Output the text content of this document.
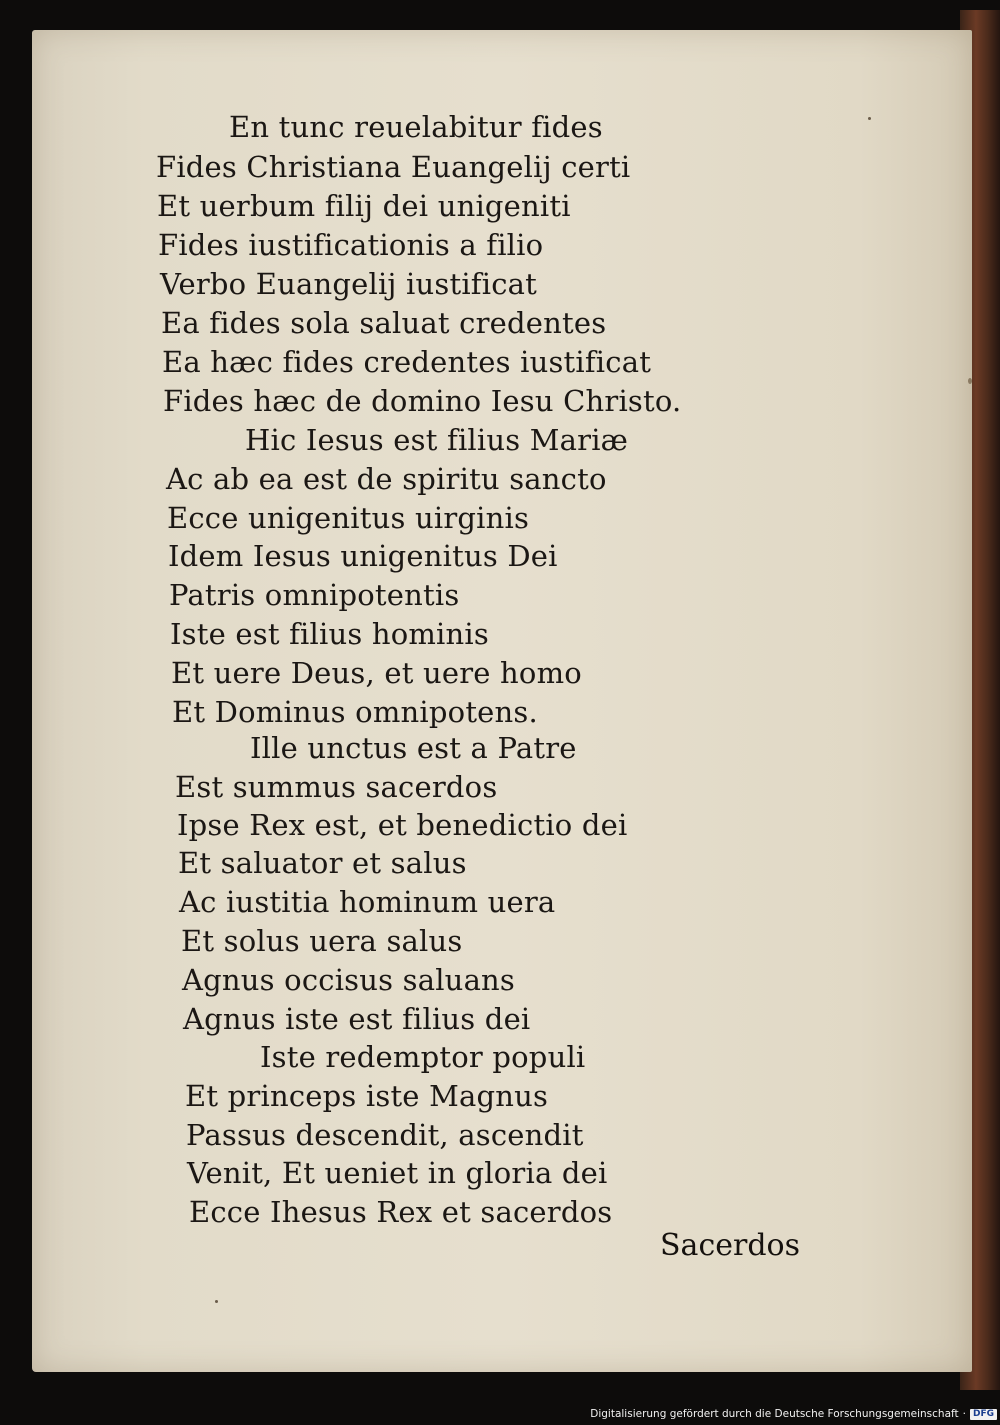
En tunc reuelabitur fides

Fides Christiana Euangelij certi

Et uerbum filij dei unigeniti

Fides iustificationis a filio

Verbo Euangelij iustificat

Ea fides sola saluat credentes

Ea hæc fides credentes iustificat

Fides hæc de domino Iesu Christo.

Hic Iesus est filius Mariæ

Ac ab ea est de spiritu sancto

Ecce unigenitus uirginis

Idem Iesus unigenitus Dei

Patris omnipotentis

Iste est filius hominis

Et uere Deus, et uere homo

Et Dominus omnipotens.

Ille unctus est a Patre

Est summus sacerdos

Ipse Rex est, et benedictio dei

Et saluator et salus

Ac iustitia hominum uera

Et solus uera salus

Agnus occisus saluans

Agnus iste est filius dei

Iste redemptor populi

Et princeps iste Magnus

Passus descendit, ascendit

Venit, Et ueniet in gloria dei

Ecce Ihesus Rex et sacerdos

Sacerdos
Digitalisierung gefördert durch die Deutsche Forschungsgemeinschaft · DFG
